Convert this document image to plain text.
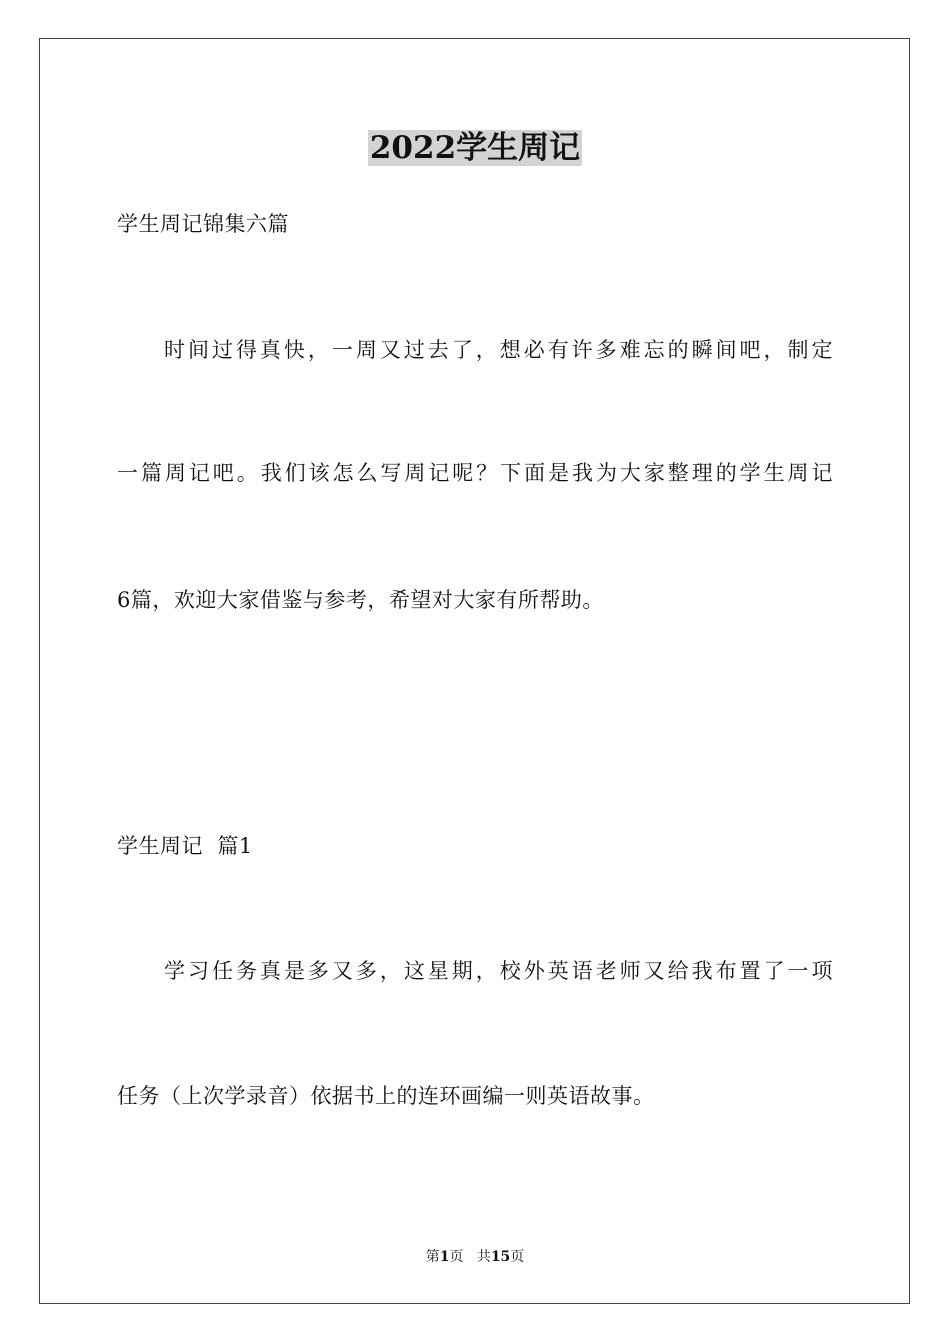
2022学生周记
学生周记锦集六篇
时间过得真快，一周又过去了，想必有许多难忘的瞬间吧，制定
一篇周记吧。我们该怎么写周记呢？下面是我为大家整理的学生周记
6篇，欢迎大家借鉴与参考，希望对大家有所帮助。
学生周记  篇1
学习任务真是多又多，这星期，校外英语老师又给我布置了一项
任务（上次学录音）依据书上的连环画编一则英语故事。
第1页 共15页
